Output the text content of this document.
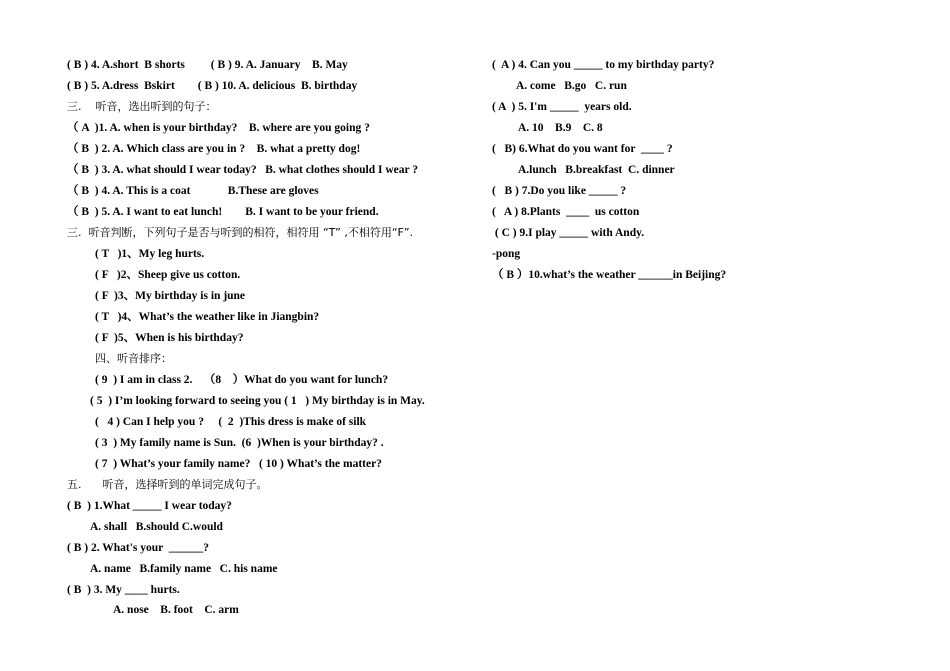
( B ) 4. A.short  B shorts         ( B ) 9. A. January    B. May
( B ) 5. A.dress  Bskirt        ( B ) 10. A. delicious  B. birthday
三.    听音，选出听到的句子：
（ A  )1. A. when is your birthday?    B. where are you going ?
（ B  ) 2. A. Which class are you in ?    B. what a pretty dog!
（ B  ) 3. A. what should I wear today?   B. what clothes should I wear ?
（ B  ) 4. A. This is a coat             B.These are gloves
（ B  ) 5. A. I want to eat lunch!        B. I want to be your friend.
三.  听音判断，下列句子是否与听到的相符，相符用 “T” ,不相符用“F”.
( T   )1、My leg hurts.
( F   )2、Sheep give us cotton.
( F  )3、My birthday is in june
( T   )4、What’s the weather like in Jiangbin?
( F  )5、When is his birthday?
四、听音排序：
( 9  ) I am in class 2.    （8    ）What do you want for lunch?
( 5  ) I’m looking forward to seeing you ( 1   ) My birthday is in May.
(   4 ) Can I help you ?     (  2  )This dress is make of silk
( 3  ) My family name is Sun.  (6  )When is your birthday? .
( 7  ) What’s your family name?   ( 10 ) What’s the matter?
五.      听音，选择听到的单词完成句子。
( B  ) 1.What _____ I wear today?
A. shall   B.should C.would
( B ) 2. What's your  ______?
A. name   B.family name   C. his name
( B  ) 3. My ____ hurts.
A. nose    B. foot    C. arm
(  A ) 4. Can you _____ to my birthday party?
A. come   B.go   C. run
( A  ) 5. I'm _____  years old.
A. 10    B.9    C. 8
(   B) 6.What do you want for  ____ ?
A.lunch   B.breakfast  C. dinner
(   B ) 7.Do you like _____ ?
(   A ) 8.Plants  ____  us cotton
( C ) 9.I play _____ with Andy.
-pong
（ B ）10.what’s the weather ______in Beijing?
